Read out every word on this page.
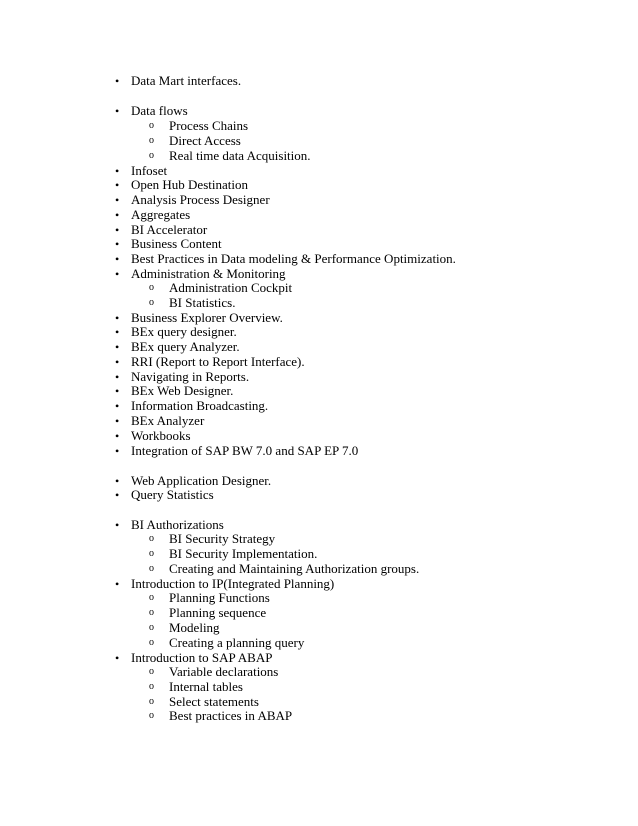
• Data Mart interfaces.
• Data flows
o Process Chains
o Direct Access
o Real time data Acquisition.
• Infoset
• Open Hub Destination
• Analysis Process Designer
• Aggregates
• BI Accelerator
• Business Content
• Best Practices in Data modeling & Performance Optimization.
• Administration & Monitoring
o Administration Cockpit
o BI Statistics.
• Business Explorer Overview.
• BEx query designer.
• BEx query Analyzer.
• RRI (Report to Report Interface).
• Navigating in Reports.
• BEx Web Designer.
• Information Broadcasting.
• BEx Analyzer
• Workbooks
• Integration of SAP BW 7.0 and SAP EP 7.0
• Web Application Designer.
• Query Statistics
• BI Authorizations
o BI Security Strategy
o BI Security Implementation.
o Creating and Maintaining Authorization groups.
• Introduction to IP(Integrated Planning)
o Planning Functions
o Planning sequence
o Modeling
o Creating a planning query
• Introduction to SAP ABAP
o Variable declarations
o Internal tables
o Select statements
o Best practices in ABAP
